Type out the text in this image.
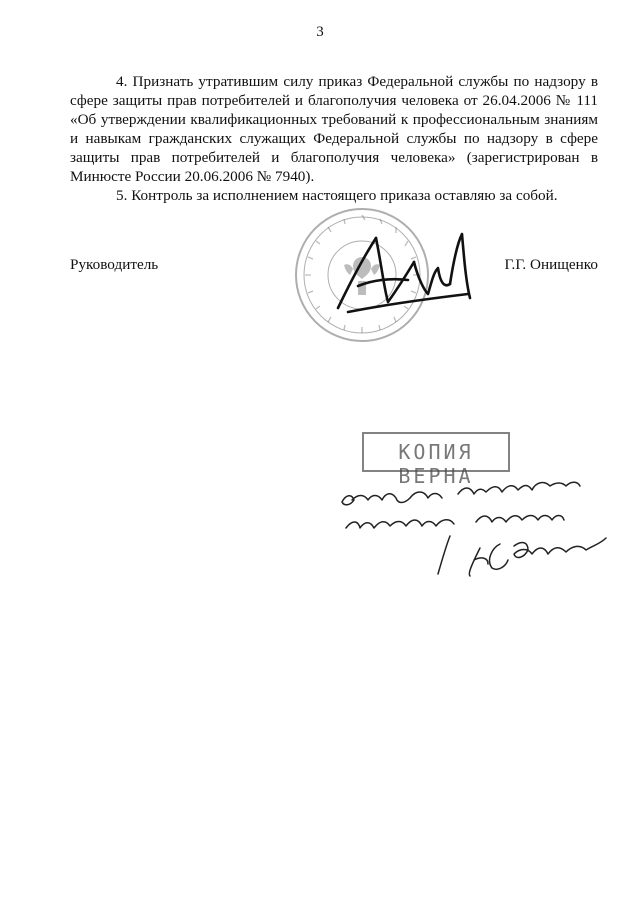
3

4. Признать утратившим силу приказ Федеральной службы по надзору в сфере защиты прав потребителей и благополучия человека от 26.04.2006 № 111 «Об утверждении квалификационных требований к профессиональным знаниям и навыкам гражданских служащих Федеральной службы по надзору в сфере защиты прав потребителей и благополучия человека» (зарегистрирован в Минюсте России 20.06.2006 № 7940).

5. Контроль за исполнением настоящего приказа оставляю за собой.

Руководитель	Г.Г. Онищенко
КОПИЯ ВЕРНА
